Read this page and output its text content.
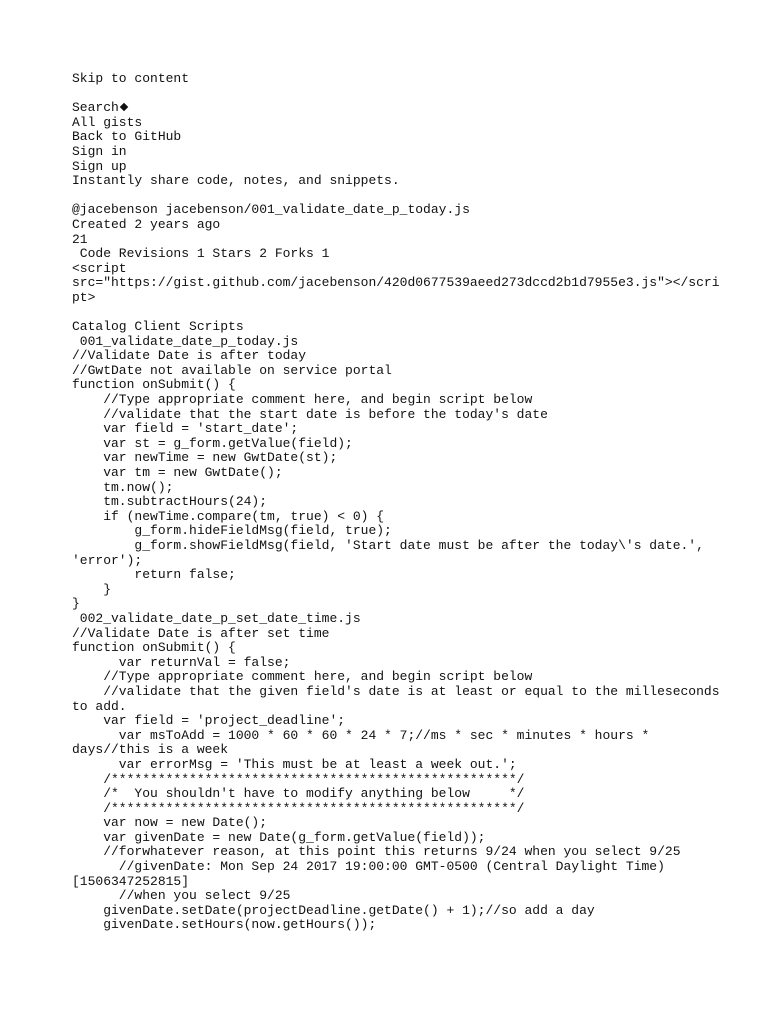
Skip to content
Search
All gists
Back to GitHub
Sign in
Sign up
Instantly share code, notes, and snippets.
@jacebenson jacebenson/001_validate_date_p_today.js
Created 2 years ago
21
Code Revisions 1 Stars 2 Forks 1
<script
src="https://gist.github.com/jacebenson/420d0677539aeed273dccd2b1d7955e3.js"></scri
pt>
Catalog Client Scripts
001_validate_date_p_today.js
//Validate Date is after today
//GwtDate not available on service portal
function onSubmit() {
//Type appropriate comment here, and begin script below
//validate that the start date is before the today's date
var field = 'start_date';
var st = g_form.getValue(field);
var newTime = new GwtDate(st);
var tm = new GwtDate();
tm.now();
tm.subtractHours(24);
if (newTime.compare(tm, true) < 0) {
g_form.hideFieldMsg(field, true);
g_form.showFieldMsg(field, 'Start date must be after the today\'s date.',
'error');
return false;
}
}
002_validate_date_p_set_date_time.js
//Validate Date is after set time
function onSubmit() {
var returnVal = false;
//Type appropriate comment here, and begin script below
//validate that the given field's date is at least or equal to the milleseconds
to add.
var field = 'project_deadline';
var msToAdd = 1000 * 60 * 60 * 24 * 7;//ms * sec * minutes * hours *
days//this is a week
var errorMsg = 'This must be at least a week out.';
/****************************************************/
/*  You shouldn't have to modify anything below     */
/****************************************************/
var now = new Date();
var givenDate = new Date(g_form.getValue(field));
//forwhatever reason, at this point this returns 9/24 when you select 9/25
//givenDate: Mon Sep 24 2017 19:00:00 GMT-0500 (Central Daylight Time)
[1506347252815]
//when you select 9/25
givenDate.setDate(projectDeadline.getDate() + 1);//so add a day
givenDate.setHours(now.getHours());
